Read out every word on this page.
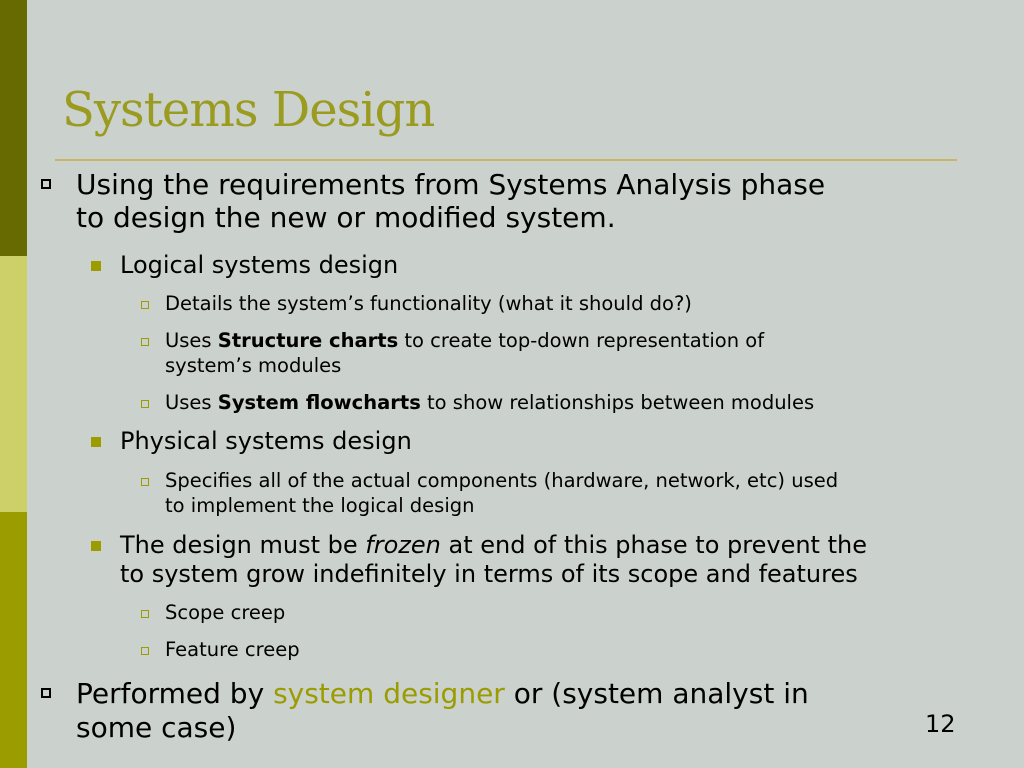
Systems Design

Using the requirements from Systems Analysis phase

to design the new or modified system.

Logical systems design

Details the system’s functionality (what it should do?)

Uses Structure charts to create top-down representation of

system’s modules

Uses System flowcharts to show relationships between modules

Physical systems design

Specifies all of the actual components (hardware, network, etc) used

to implement the logical design

The design must be frozen at end of this phase to prevent the

to system grow indefinitely in terms of its scope and features

Scope creep

Feature creep

Performed by system designer or (system analyst in

some case)	12
